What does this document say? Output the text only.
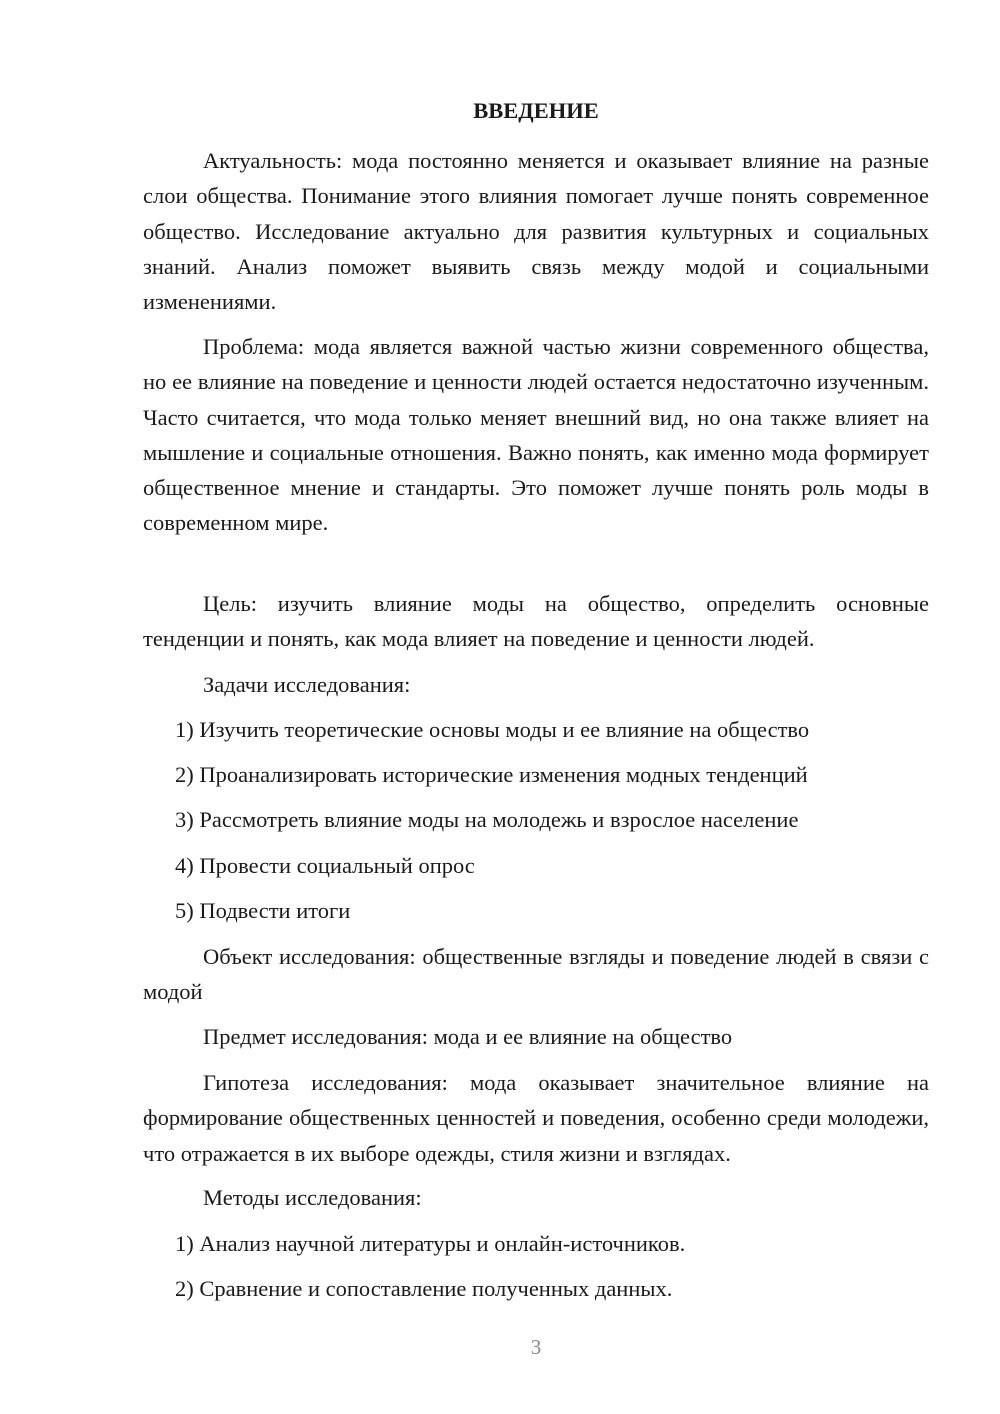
ВВЕДЕНИЕ

Актуальность: мода постоянно меняется и оказывает влияние на разные слои общества. Понимание этого влияния помогает лучше понять современное общество. Исследование актуально для развития культурных и социальных знаний. Анализ поможет выявить связь между модой и социальными изменениями.

Проблема: мода является важной частью жизни современного общества, но ее влияние на поведение и ценности людей остается недостаточно изученным. Часто считается, что мода только меняет внешний вид, но она также влияет на мышление и социальные отношения. Важно понять, как именно мода формирует общественное мнение и стандарты. Это поможет лучше понять роль моды в современном мире.

Цель: изучить влияние моды на общество, определить основные тенденции и понять, как мода влияет на поведение и ценности людей.

Задачи исследования:

1) Изучить теоретические основы моды и ее влияние на общество

2) Проанализировать исторические изменения модных тенденций

3) Рассмотреть влияние моды на молодежь и взрослое население

4) Провести социальный опрос

5) Подвести итоги

Объект исследования: общественные взгляды и поведение людей в связи с модой

Предмет исследования: мода и ее влияние на общество

Гипотеза исследования: мода оказывает значительное влияние на формирование общественных ценностей и поведения, особенно среди молодежи, что отражается в их выборе одежды, стиля жизни и взглядах.

Методы исследования:

1) Анализ научной литературы и онлайн-источников.

2) Сравнение и сопоставление полученных данных.

3
